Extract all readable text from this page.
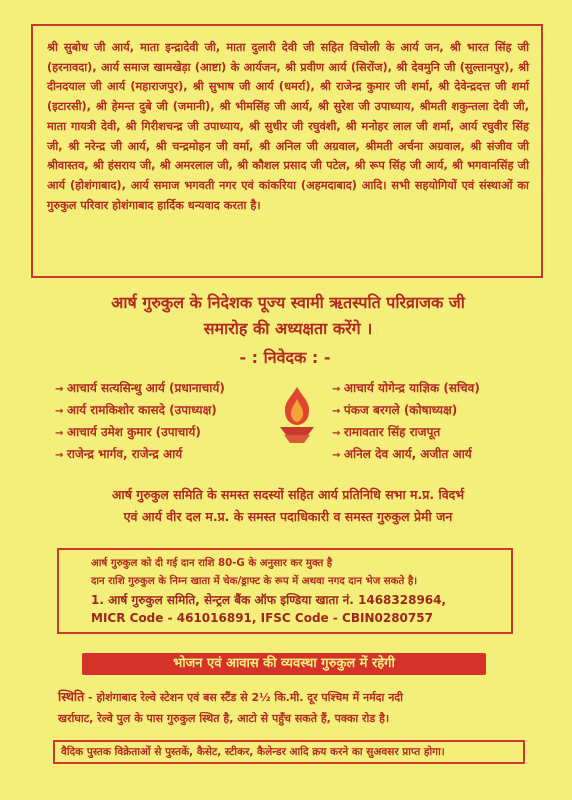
श्री सुबोध जी आर्य, माता इन्द्रादेवी जी, माता दुलारी देवी जी सहित विचोली के आर्य जन, श्री भारत सिंह जी (हरनावदा), आर्य समाज खामखेड़ा (आष्टा) के आर्यजन, श्री प्रवीण आर्य (सिरोंज), श्री देवमुनि जी (सुल्तानपुर), श्री दीनदयाल जी आर्य (महाराजपुर), श्री सुभाष जी आर्य (धमर्रा), श्री राजेन्द्र कुमार जी शर्मा, श्री देवेन्द्रदत्त जी शर्मा (इटारसी), श्री हेमन्त दुबे जी (जमानी), श्री भीमसिंह जी आर्य, श्री सुरेश जी उपाध्याय, श्रीमती शकुन्तला देवी जी, माता गायत्री देवी, श्री गिरीशचन्द्र जी उपाध्याय, श्री सुधीर जी रघुवंशी, श्री मनोहर लाल जी शर्मा, आर्य रघुवीर सिंह जी, श्री नरेन्द्र जी आर्य, श्री चन्द्रमोहन जी वर्मा, श्री अनिल जी अग्रवाल, श्रीमती अर्चना अग्रवाल, श्री संजीव जी श्रीवास्तव, श्री हंसराय जी, श्री अमरलाल जी, श्री कौशल प्रसाद जी पटेल, श्री रूप सिंह जी आर्य, श्री भगवानसिंह जी आर्य (होशंगाबाद), आर्य समाज भगवती नगर एवं कांकरिया (अहमदाबाद) आदि। सभी सहयोगियों एवं संस्थाओं का गुरुकुल परिवार होशंगाबाद हार्दिक धन्यवाद करता है।
आर्ष गुरुकुल के निदेशक पूज्य स्वामी ऋतस्पति परिव्राजक जी
समारोह की अध्यक्षता करेंगे ।
- : निवेदक : -
→ आचार्य सत्यसिन्धु आर्य (प्रधानाचार्य)
→ आर्य रामकिशोर कासदे (उपाध्यक्ष)
→ आचार्य उमेश कुमार (उपाचार्य)
→ राजेन्द्र भार्गव, राजेन्द्र आर्य
→ आचार्य योगेन्द्र याज्ञिक (सचिव)
→ पंकज बरगले (कोषाध्यक्ष)
→ रामावतार सिंह राजपूत
→ अनिल देव आर्य, अजीत आर्य
आर्ष गुरुकुल समिति के समस्त सदस्यों सहित आर्य प्रतिनिधि सभा म.प्र. विदर्भ
एवं आर्य वीर दल म.प्र. के समस्त पदाधिकारी व समस्त गुरुकुल प्रेमी जन
आर्ष गुरुकुल को दी गई दान राशि 80-G के अनुसार कर मुक्त है
दान राशि गुरुकुल के निम्न खाता में चेक/ड्राफ्ट के रूप में अथवा नगद दान भेज सकते है।
1. आर्ष गुरुकुल समिति, सेन्ट्रल बैंक ऑफ इण्डिया खाता नं. 1468328964,
MICR Code - 461016891, IFSC Code - CBIN0280757
भोजन एवं आवास की व्यवस्था गुरुकुल में रहेगी
स्थिति - होशंगाबाद रेल्वे स्टेशन एवं बस स्टैंड से 2½ कि.मी. दूर पश्चिम में नर्मदा नदी
खर्राघाट, रेल्वे पुल के पास गुरुकुल स्थित है, आटो से पहुँच सकते हैं, पक्का रोड है।
वैदिक पुस्तक विक्रेताओं से पुस्तकें, कैसेट, स्टीकर, कैलेन्डर आदि क्रय करने का सुअवसर प्राप्त होगा।
